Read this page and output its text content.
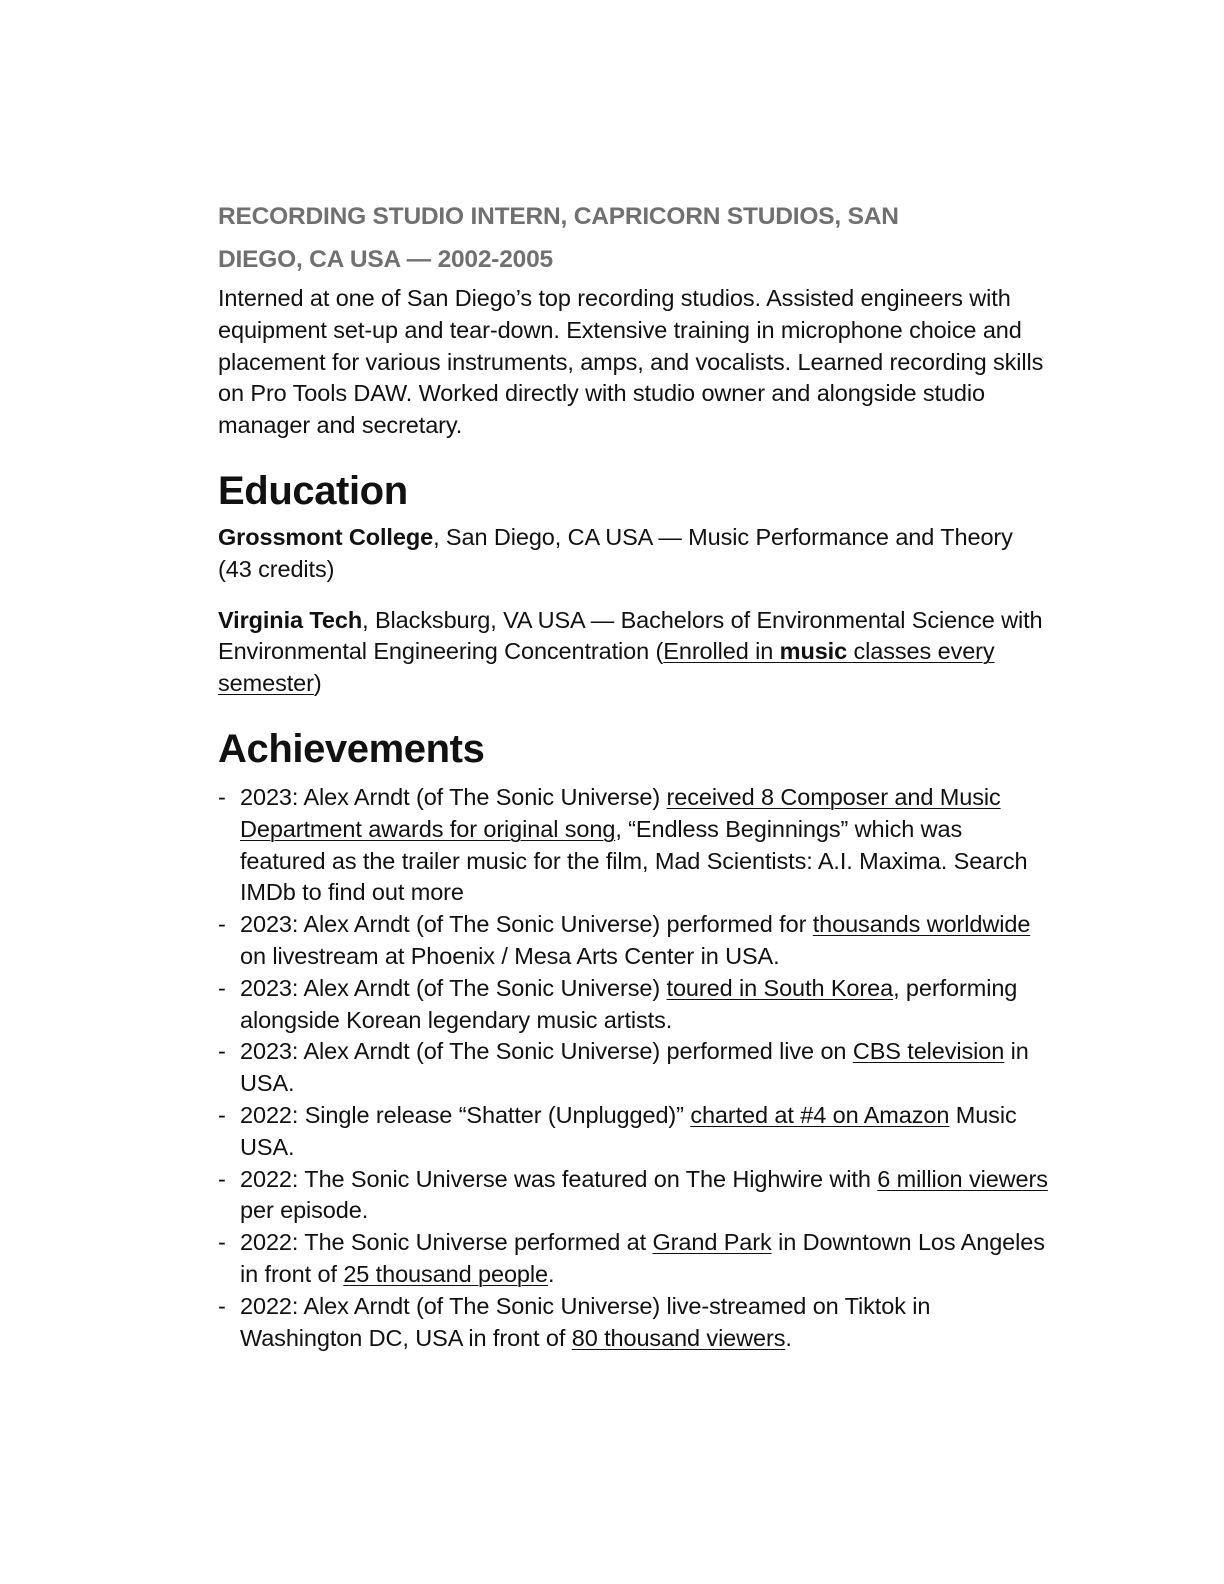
RECORDING STUDIO INTERN, CAPRICORN STUDIOS, SAN

DIEGO, CA USA — 2002-2005

Interned at one of San Diego’s top recording studios. Assisted engineers with equipment set-up and tear-down. Extensive training in microphone choice and placement for various instruments, amps, and vocalists. Learned recording skills on Pro Tools DAW. Worked directly with studio owner and alongside studio manager and secretary.

Education

Grossmont College, San Diego, CA USA — Music Performance and Theory (43 credits)

Virginia Tech, Blacksburg, VA USA — Bachelors of Environmental Science with Environmental Engineering Concentration (Enrolled in music classes every semester)

Achievements
- 2023: Alex Arndt (of The Sonic Universe) received 8 Composer and Music Department awards for original song, “Endless Beginnings” which was featured as the trailer music for the film, Mad Scientists: A.I. Maxima. Search IMDb to find out more
- 2023: Alex Arndt (of The Sonic Universe) performed for thousands worldwide on livestream at Phoenix / Mesa Arts Center in USA.
- 2023: Alex Arndt (of The Sonic Universe) toured in South Korea, performing alongside Korean legendary music artists.
- 2023: Alex Arndt (of The Sonic Universe) performed live on CBS television in USA.
- 2022: Single release “Shatter (Unplugged)” charted at #4 on Amazon Music USA.
- 2022: The Sonic Universe was featured on The Highwire with 6 million viewers per episode.
- 2022: The Sonic Universe performed at Grand Park in Downtown Los Angeles in front of 25 thousand people.
- 2022: Alex Arndt (of The Sonic Universe) live-streamed on Tiktok in Washington DC, USA in front of 80 thousand viewers.
